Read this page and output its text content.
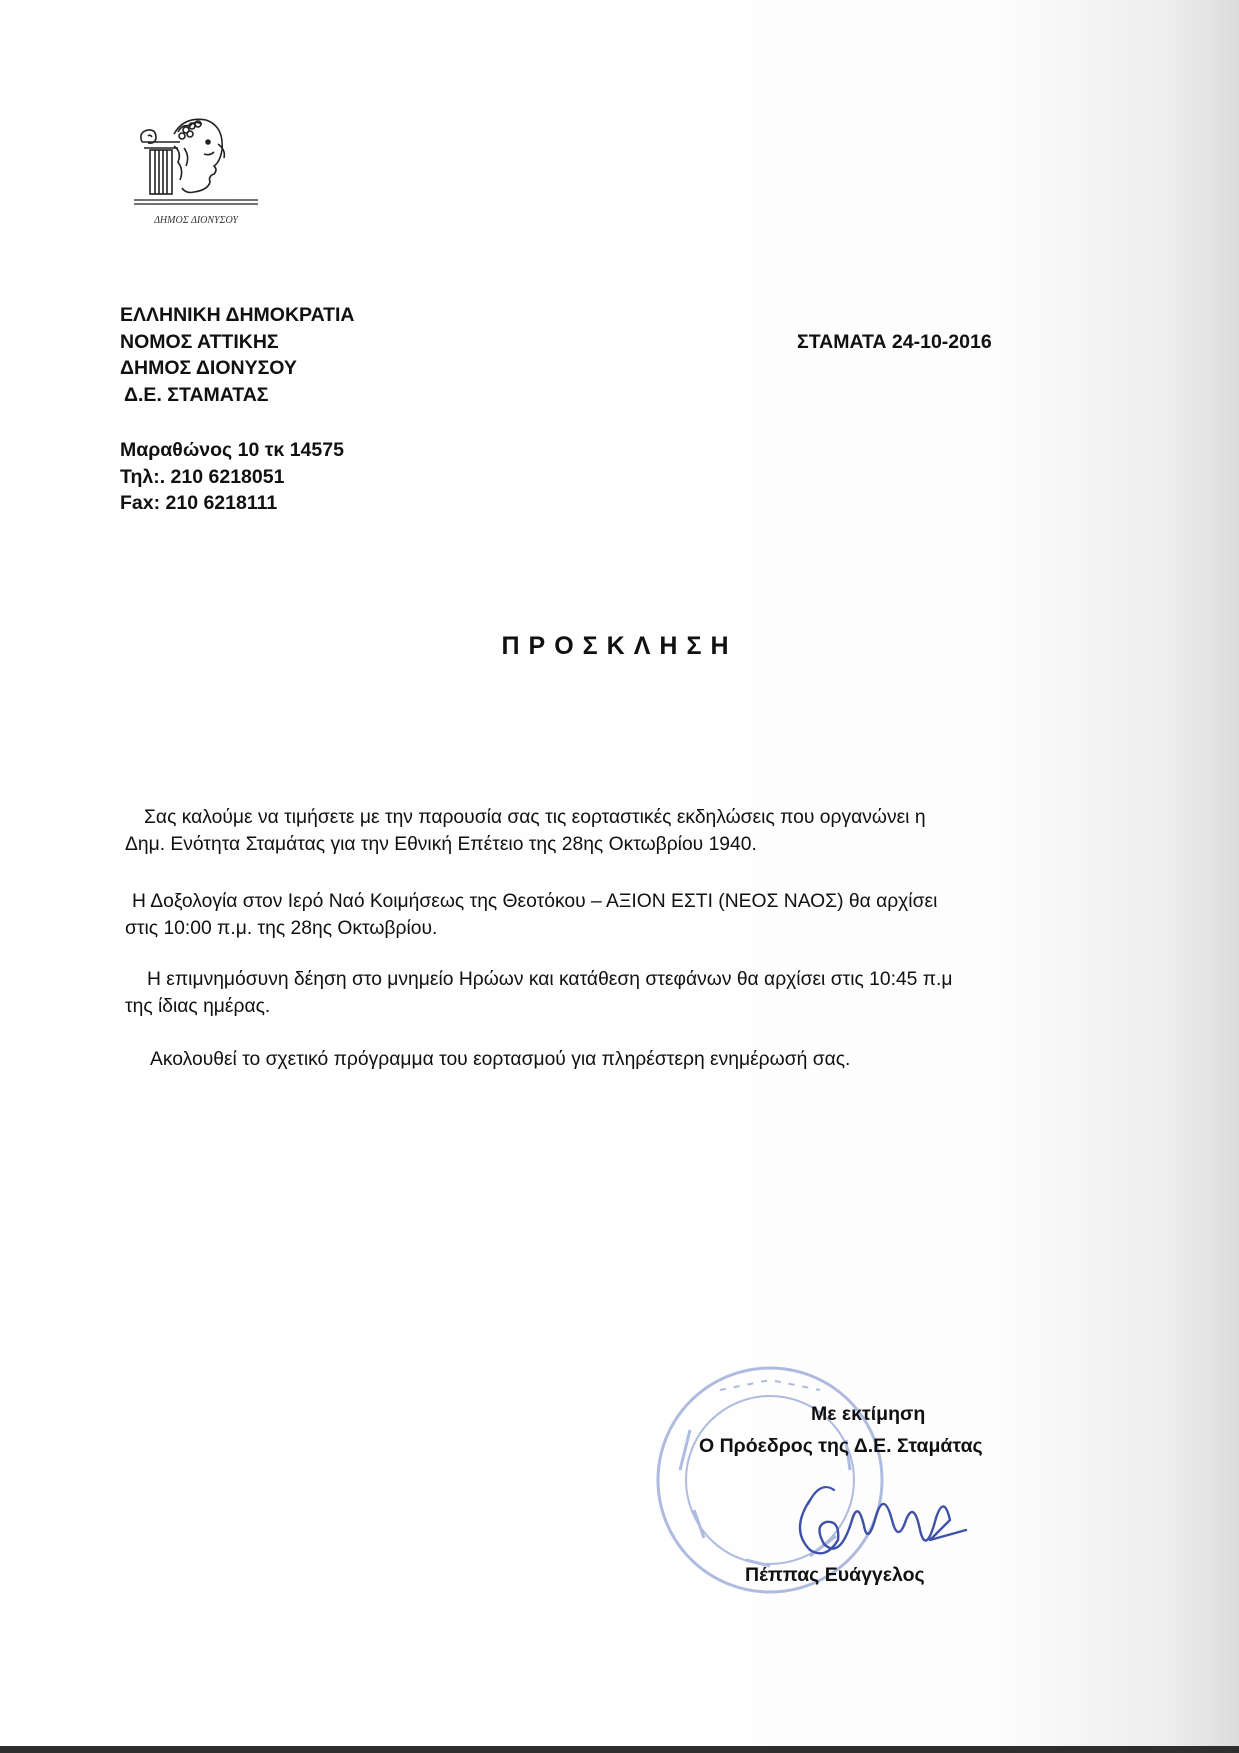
ΔΗΜΟΣ ΔΙΟΝΥΣΟΥ
ΕΛΛΗΝΙΚΗ ΔΗΜΟΚΡΑΤΙΑ
ΝΟΜΟΣ ΑΤΤΙΚΗΣ
ΔΗΜΟΣ ΔΙΟΝΥΣΟΥ
Δ.Ε. ΣΤΑΜΑΤΑΣ
ΣΤΑΜΑΤΑ 24-10-2016
Μαραθώνος 10 τκ 14575
Τηλ:. 210 6218051
Fax: 210 6218111
ΠΡΟΣΚΛΗΣΗ
Σας καλούμε να τιμήσετε με την παρουσία σας τις εορταστικές εκδηλώσεις που οργανώνει η
Δημ. Ενότητα Σταμάτας για την Εθνική Επέτειο της 28ης Οκτωβρίου 1940.
Η Δοξολογία στον Ιερό Ναό Κοιμήσεως της Θεοτόκου – ΑΞΙΟΝ ΕΣΤΙ (ΝΕΟΣ ΝΑΟΣ) θα αρχίσει
στις 10:00 π.μ. της 28ης Οκτωβρίου.
Η επιμνημόσυνη δέηση στο μνημείο Ηρώων και κατάθεση στεφάνων θα αρχίσει στις 10:45 π.μ
της ίδιας ημέρας.
Ακολουθεί το σχετικό πρόγραμμα του εορτασμού για πληρέστερη ενημέρωσή σας.
Με εκτίμηση
Ο Πρόεδρος της Δ.Ε. Σταμάτας
Πέππας Ευάγγελος
